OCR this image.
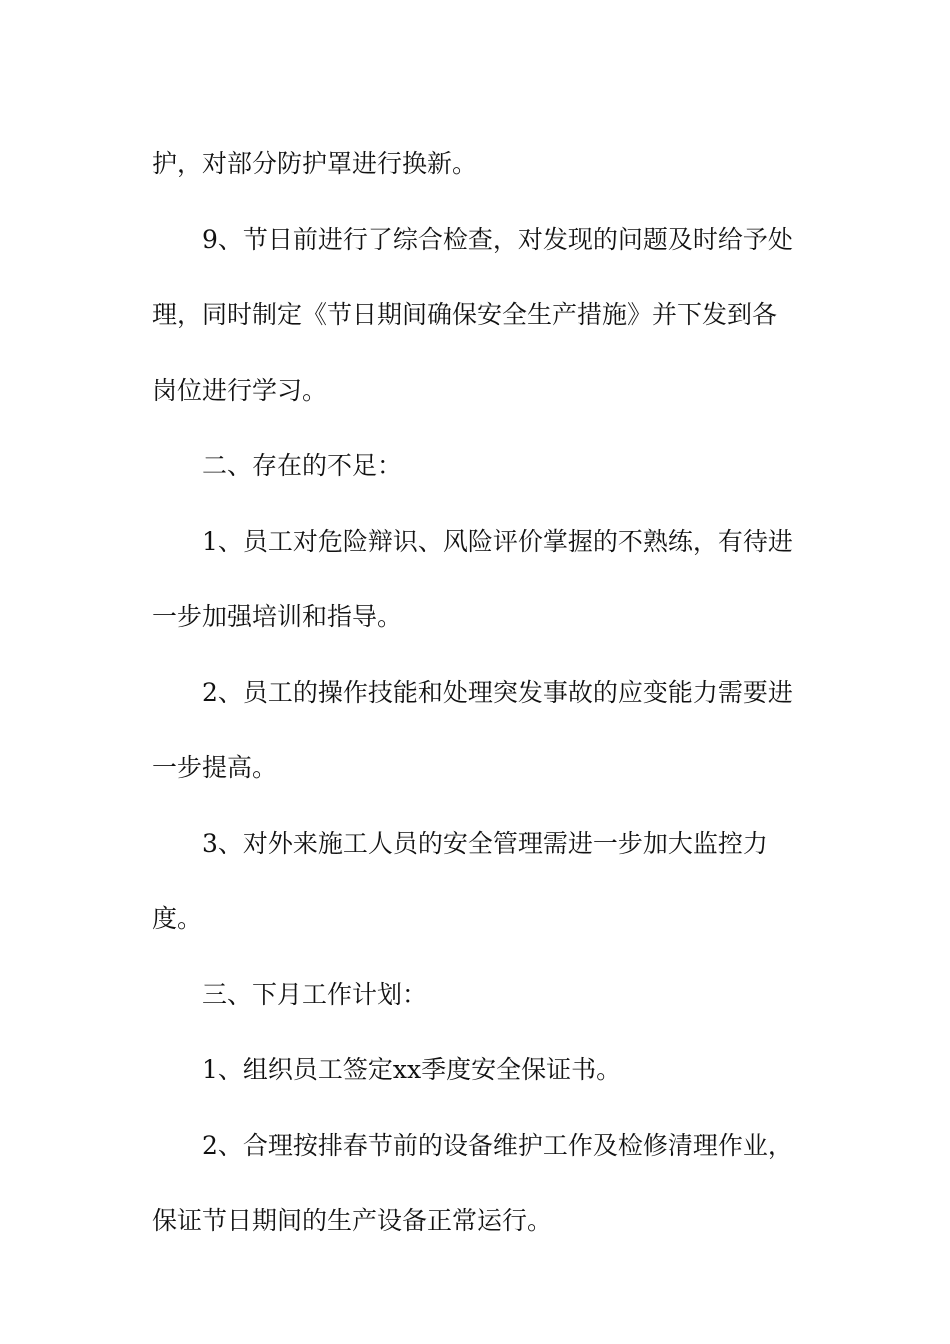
护，对部分防护罩进行换新。
9、节日前进行了综合检查，对发现的问题及时给予处
理，同时制定《节日期间确保安全生产措施》并下发到各
岗位进行学习。
二、存在的不足：
1、员工对危险辩识、风险评价掌握的不熟练，有待进
一步加强培训和指导。
2、员工的操作技能和处理突发事故的应变能力需要进
一步提高。
3、对外来施工人员的安全管理需进一步加大监控力
度。
三、下月工作计划：
1、组织员工签定xx季度安全保证书。
2、合理按排春节前的设备维护工作及检修清理作业，
保证节日期间的生产设备正常运行。
